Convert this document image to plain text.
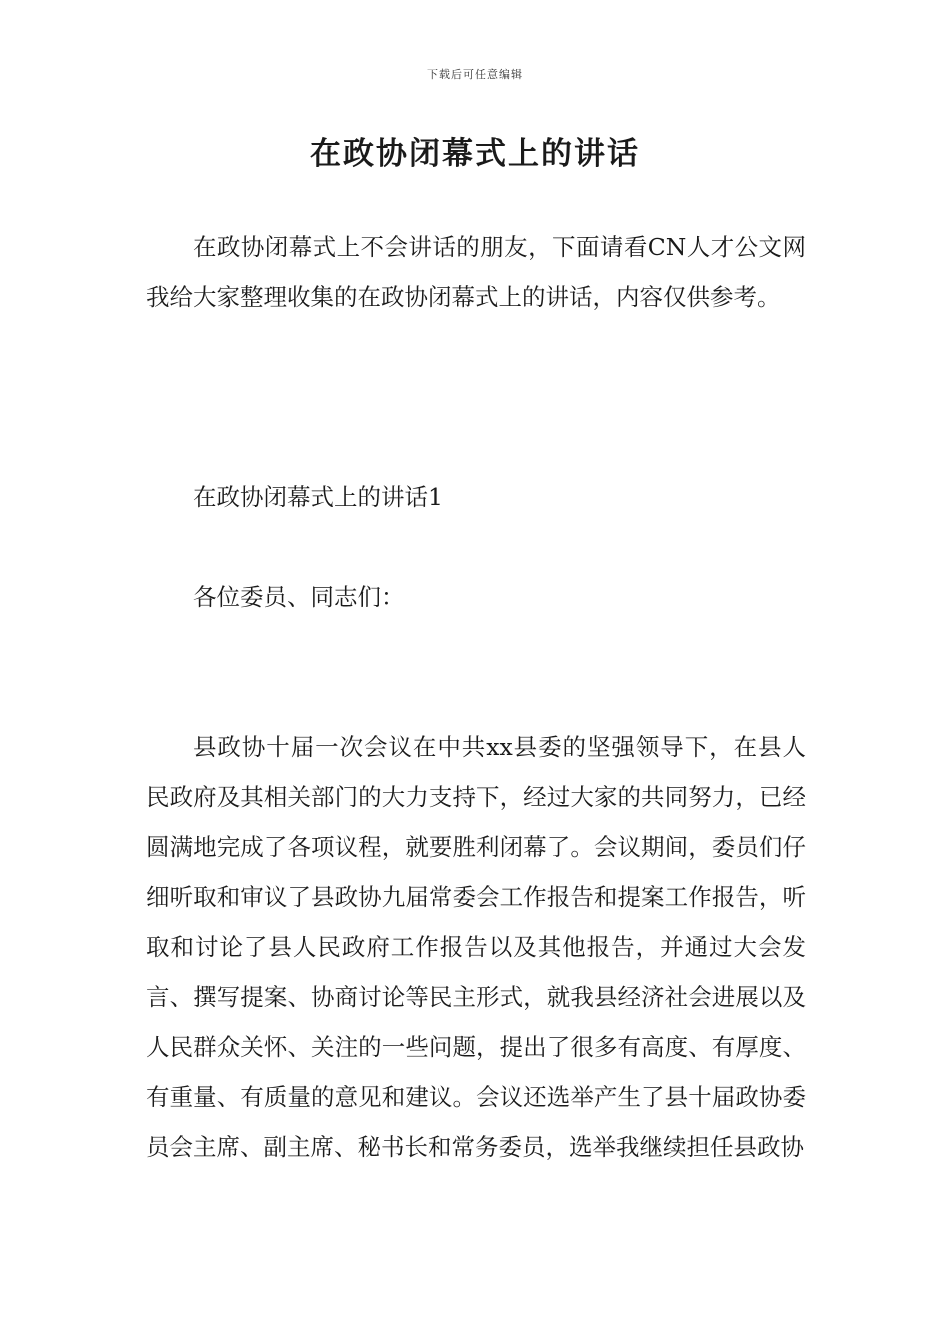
下载后可任意编辑
在政协闭幕式上的讲话

在政协闭幕式上不会讲话的朋友，下面请看CN人才公文网我给大家整理收集的在政协闭幕式上的讲话，内容仅供参考。

在政协闭幕式上的讲话1

各位委员、同志们：

县政协十届一次会议在中共xx县委的坚强领导下，在县人民政府及其相关部门的大力支持下，经过大家的共同努力，已经圆满地完成了各项议程，就要胜利闭幕了。会议期间，委员们仔细听取和审议了县政协九届常委会工作报告和提案工作报告，听取和讨论了县人民政府工作报告以及其他报告，并通过大会发言、撰写提案、协商讨论等民主形式，就我县经济社会进展以及人民群众关怀、关注的一些问题，提出了很多有高度、有厚度、有重量、有质量的意见和建议。会议还选举产生了县十届政协委员会主席、副主席、秘书长和常务委员，选举我继续担任县政协
